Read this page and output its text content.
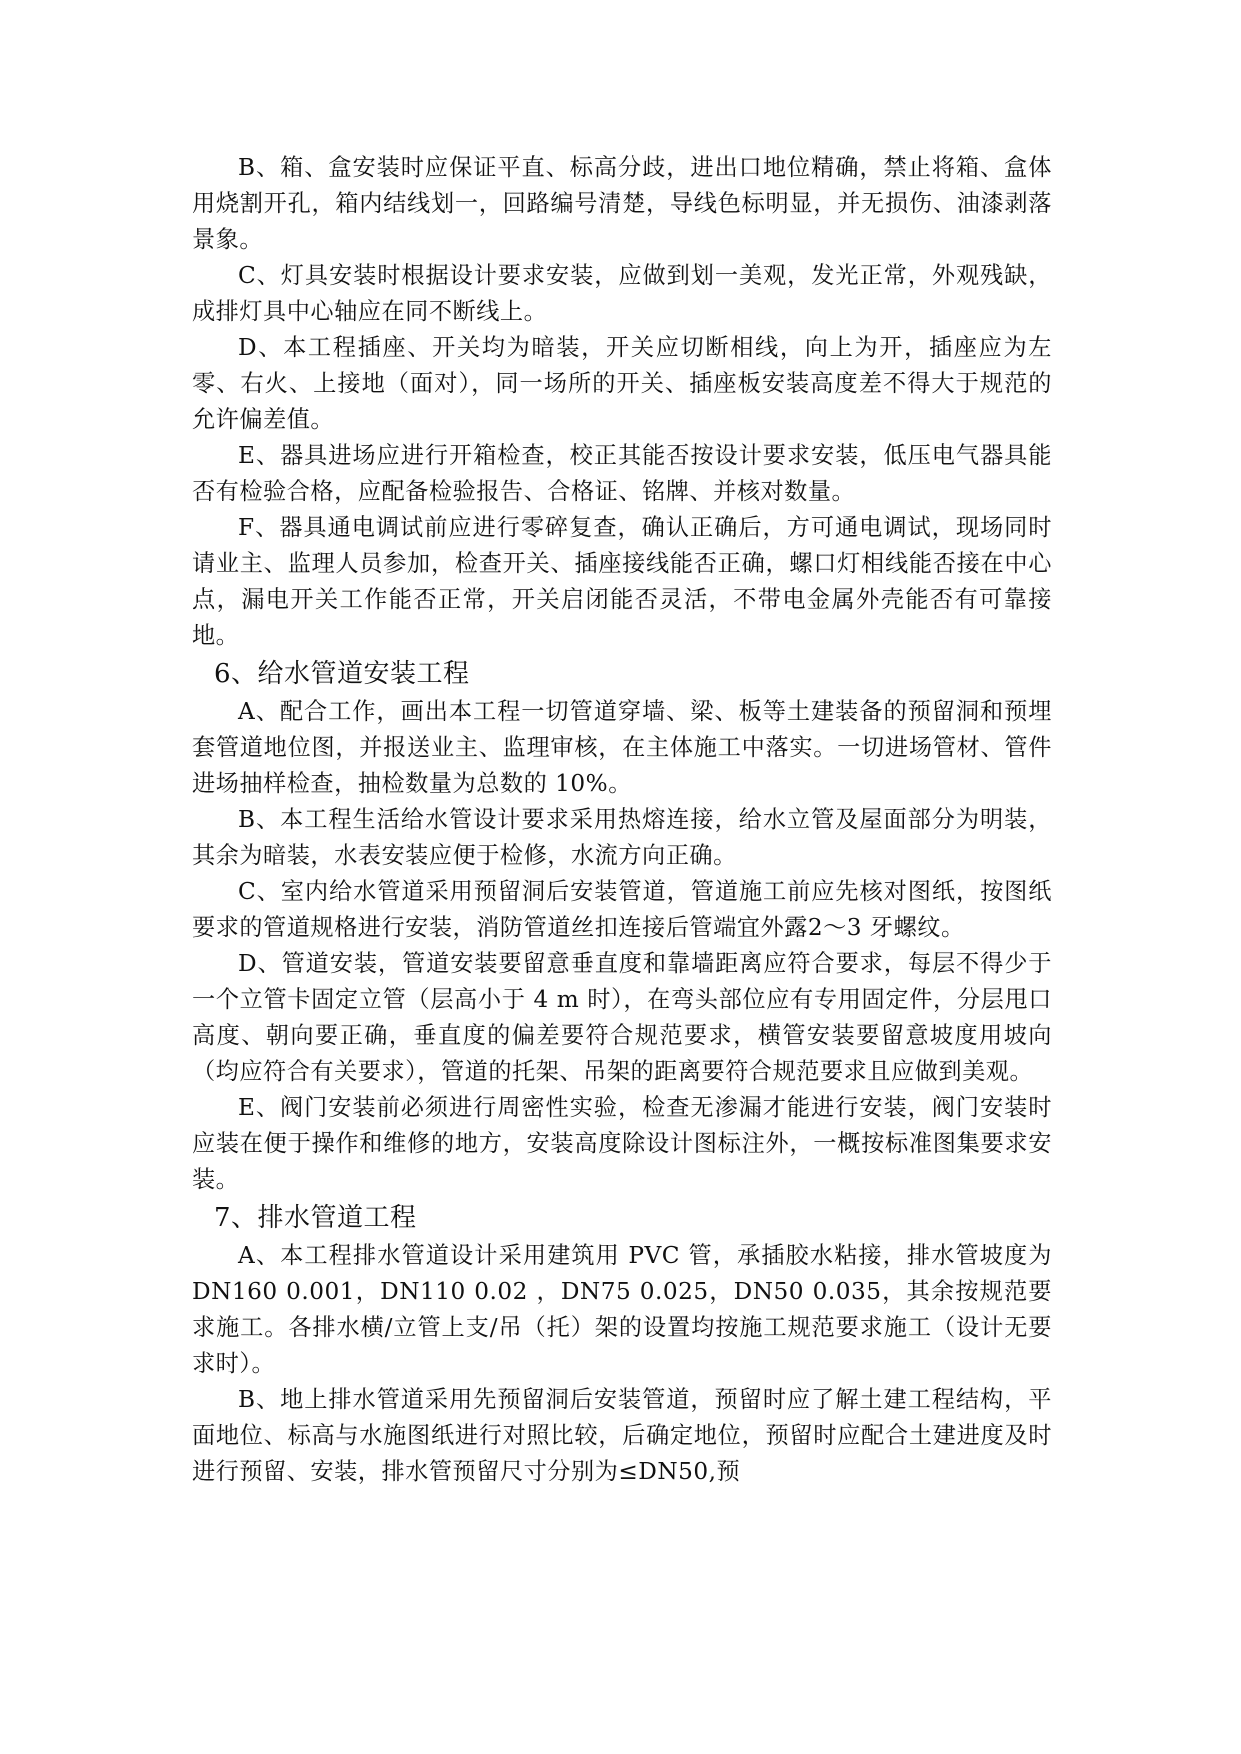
B、箱、盒安装时应保证平直、标高分歧，进出口地位精确，禁止将箱、盒体用烧割开孔，箱内结线划一，回路编号清楚，导线色标明显，并无损伤、油漆剥落景象。

C、灯具安装时根据设计要求安装，应做到划一美观，发光正常，外观残缺，成排灯具中心轴应在同不断线上。

D、本工程插座、开关均为暗装，开关应切断相线，向上为开，插座应为左零、右火、上接地（面对），同一场所的开关、插座板安装高度差不得大于规范的允许偏差值。

E、器具进场应进行开箱检查，校正其能否按设计要求安装，低压电气器具能否有检验合格，应配备检验报告、合格证、铭牌、并核对数量。

F、器具通电调试前应进行零碎复查，确认正确后，方可通电调试，现场同时请业主、监理人员参加，检查开关、插座接线能否正确，螺口灯相线能否接在中心点，漏电开关工作能否正常，开关启闭能否灵活，不带电金属外壳能否有可靠接地。

6、给水管道安装工程

A、配合工作，画出本工程一切管道穿墙、梁、板等土建装备的预留洞和预埋套管道地位图，并报送业主、监理审核，在主体施工中落实。一切进场管材、管件进场抽样检查，抽检数量为总数的 10%。

B、本工程生活给水管设计要求采用热熔连接，给水立管及屋面部分为明装，其余为暗装，水表安装应便于检修，水流方向正确。

C、室内给水管道采用预留洞后安装管道，管道施工前应先核对图纸，按图纸要求的管道规格进行安装，消防管道丝扣连接后管端宜外露2～3 牙螺纹。

D、管道安装，管道安装要留意垂直度和靠墙距离应符合要求，每层不得少于一个立管卡固定立管（层高小于 4 m 时），在弯头部位应有专用固定件，分层甩口高度、朝向要正确，垂直度的偏差要符合规范要求，横管安装要留意坡度用坡向（均应符合有关要求），管道的托架、吊架的距离要符合规范要求且应做到美观。

E、阀门安装前必须进行周密性实验，检查无渗漏才能进行安装，阀门安装时应装在便于操作和维修的地方，安装高度除设计图标注外，一概按标准图集要求安装。

7、排水管道工程

A、本工程排水管道设计采用建筑用 PVC 管，承插胶水粘接，排水管坡度为 DN160 0.001，DN110 0.02 ，DN75 0.025，DN50 0.035，其余按规范要求施工。各排水横/立管上支/吊（托）架的设置均按施工规范要求施工（设计无要求时）。

B、地上排水管道采用先预留洞后安装管道，预留时应了解土建工程结构，平面地位、标高与水施图纸进行对照比较，后确定地位，预留时应配合土建进度及时进行预留、安装，排水管预留尺寸分别为≤DN50,预
